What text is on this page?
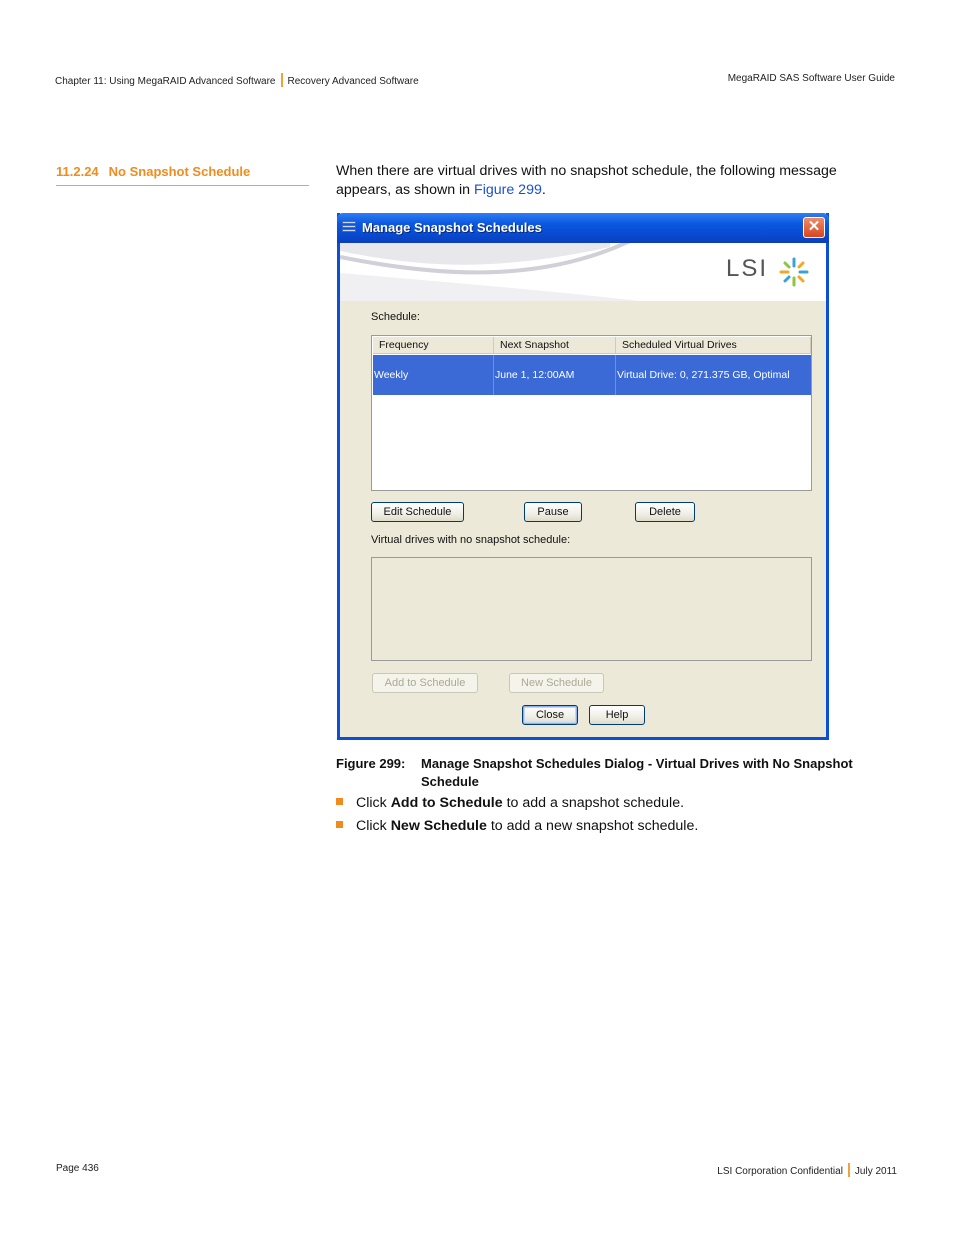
Chapter 11: Using MegaRAID Advanced Software Recovery Advanced Software	MegaRAID SAS Software User Guide
11.2.24 No Snapshot Schedule	When there are virtual drives with no snapshot schedule, the following message appears, as shown in Figure 299.
Manage Snapshot Schedules	✕
LSI
Schedule:
Frequency	Next Snapshot	Scheduled Virtual Drives
Weekly	June 1, 12:00AM	Virtual Drive: 0, 271.375 GB, Optimal
Edit Schedule	Pause	Delete
Virtual drives with no snapshot schedule:
Add to Schedule	New Schedule
Close	Help
Figure 299: Manage Snapshot Schedules Dialog - Virtual Drives with No Snapshot Schedule
Click Add to Schedule to add a snapshot schedule.
Click New Schedule to add a new snapshot schedule.
Page 436	LSI Corporation Confidential July 2011
